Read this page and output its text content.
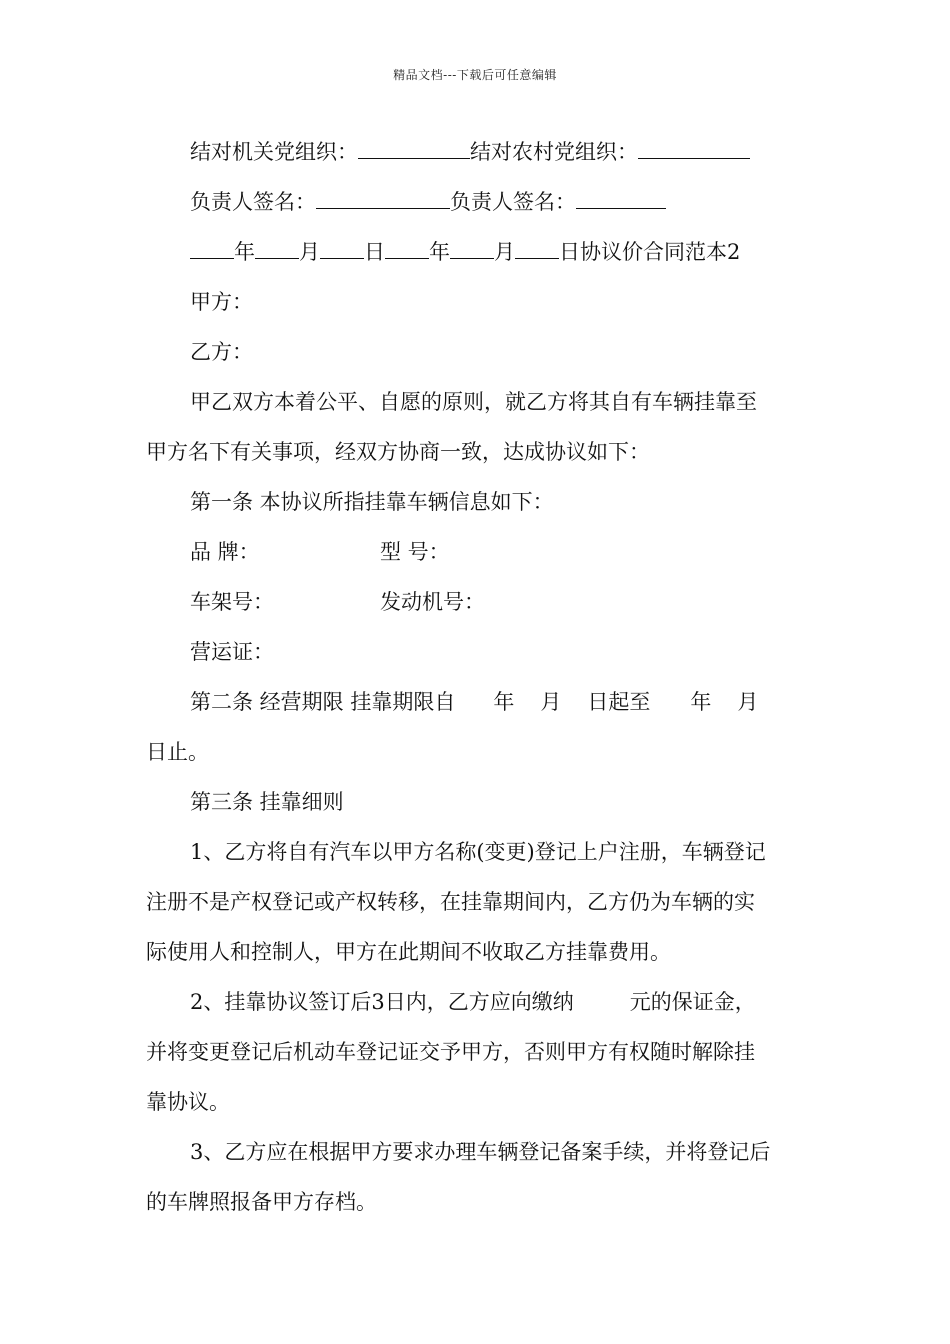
精品文档---下载后可任意编辑
结对机关党组织：	结对农村党组织：
负责人签名：	负责人签名：
年 月 日 年 月 日协议价合同范本2
甲方：
乙方：
甲乙双方本着公平、自愿的原则，就乙方将其自有车辆挂靠至
甲方名下有关事项，经双方协商一致，达成协议如下：
第一条 本协议所指挂靠车辆信息如下：
品 牌：	型 号：
车架号：	发动机号：
营运证：
第二条 经营期限 挂靠期限自 年 月 日起至 年 月
日止。
第三条 挂靠细则
1、乙方将自有汽车以甲方名称(变更)登记上户注册，车辆登记
注册不是产权登记或产权转移，在挂靠期间内，乙方仍为车辆的实
际使用人和控制人，甲方在此期间不收取乙方挂靠费用。
2、挂靠协议签订后3日内，乙方应向缴纳	元的保证金，
并将变更登记后机动车登记证交予甲方，否则甲方有权随时解除挂
靠协议。
3、乙方应在根据甲方要求办理车辆登记备案手续，并将登记后
的车牌照报备甲方存档。
